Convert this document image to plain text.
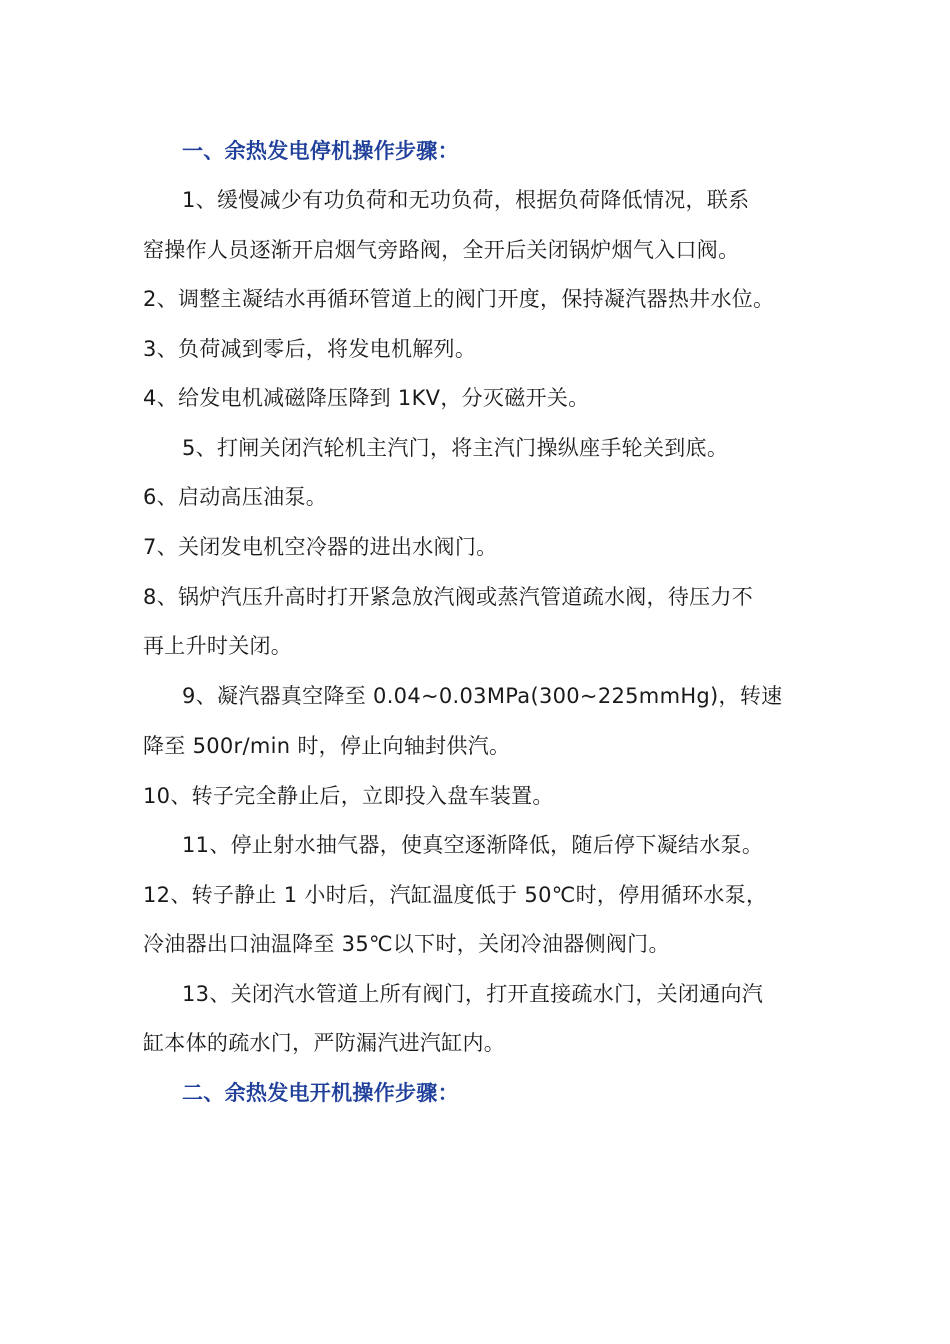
一、余热发电停机操作步骤：
1、缓慢减少有功负荷和无功负荷，根据负荷降低情况，联系
窑操作人员逐渐开启烟气旁路阀，全开后关闭锅炉烟气入口阀。
2、调整主凝结水再循环管道上的阀门开度，保持凝汽器热井水位。
3、负荷减到零后，将发电机解列。
4、给发电机减磁降压降到 1KV，分灭磁开关。
5、打闸关闭汽轮机主汽门，将主汽门操纵座手轮关到底。
6、启动高压油泵。
7、关闭发电机空冷器的进出水阀门。
8、锅炉汽压升高时打开紧急放汽阀或蒸汽管道疏水阀，待压力不
再上升时关闭。
9、凝汽器真空降至 0.04~0.03MPa(300~225mmHg)，转速
降至 500r/min 时，停止向轴封供汽。
10、转子完全静止后，立即投入盘车装置。
11、停止射水抽气器，使真空逐渐降低，随后停下凝结水泵。
12、转子静止 1 小时后，汽缸温度低于 50℃时，停用循环水泵，
冷油器出口油温降至 35℃以下时，关闭冷油器侧阀门。
13、关闭汽水管道上所有阀门，打开直接疏水门，关闭通向汽
缸本体的疏水门，严防漏汽进汽缸内。
二、余热发电开机操作步骤：
